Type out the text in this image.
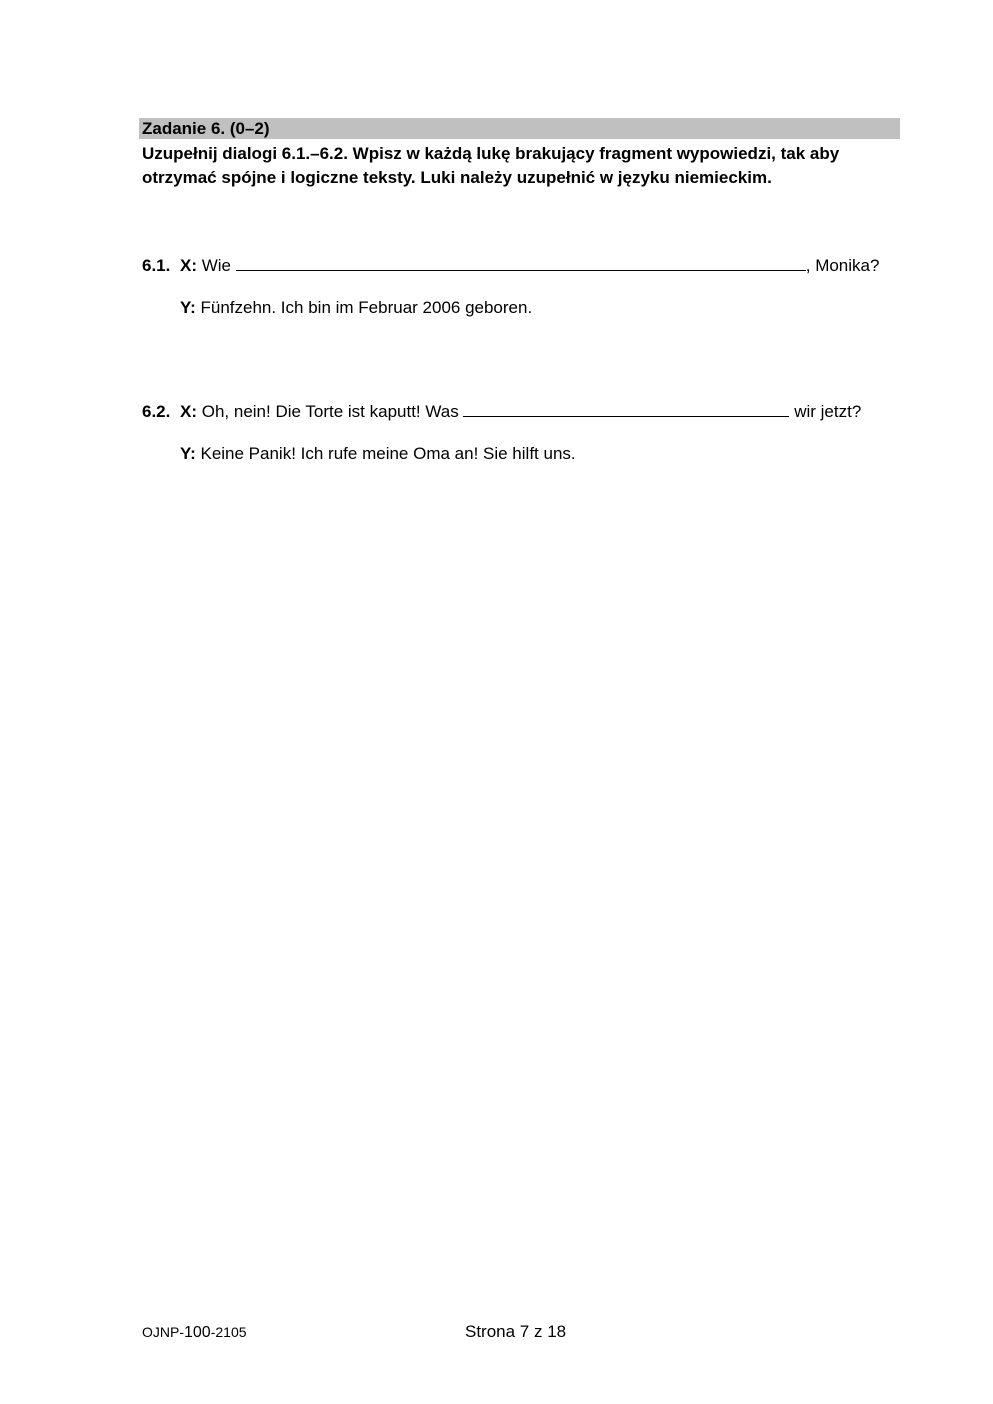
Zadanie 6. (0–2)
Uzupełnij dialogi 6.1.–6.2. Wpisz w każdą lukę brakujący fragment wypowiedzi, tak aby
otrzymać spójne i logiczne teksty. Luki należy uzupełnić w języku niemieckim.
6.1. X: Wie	, Monika?
Y: Fünfzehn. Ich bin im Februar 2006 geboren.
6.2. X: Oh, nein! Die Torte ist kaputt! Was	wir jetzt?
Y: Keine Panik! Ich rufe meine Oma an! Sie hilft uns.
OJNP-100-2105	Strona 7 z 18
